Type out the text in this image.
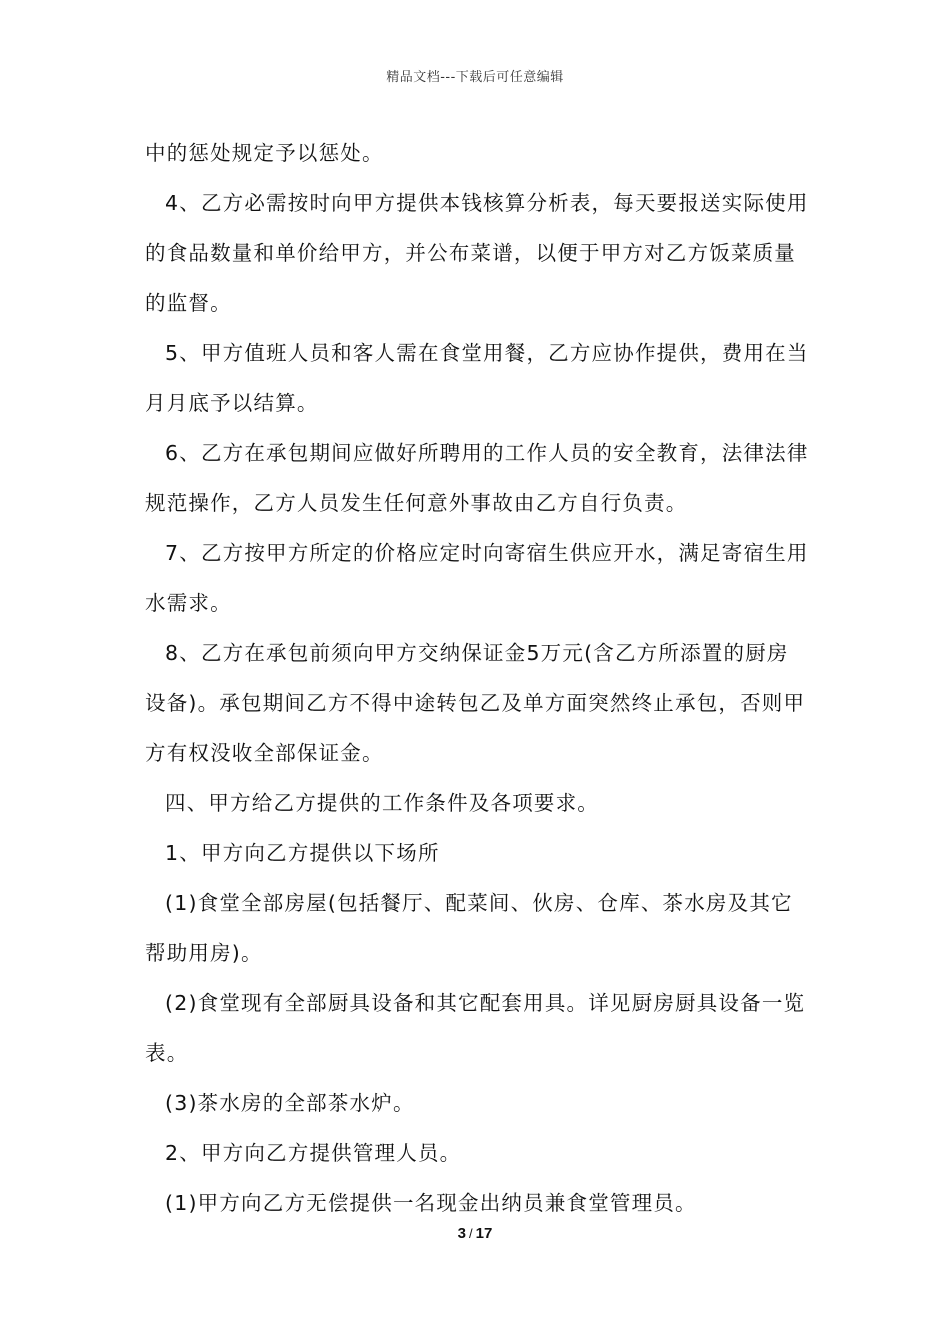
精品文档---下载后可任意编辑

中的惩处规定予以惩处。

4、乙方必需按时向甲方提供本钱核算分析表，每天要报送实际使用的食品数量和单价给甲方，并公布菜谱，以便于甲方对乙方饭菜质量的监督。

5、甲方值班人员和客人需在食堂用餐，乙方应协作提供，费用在当月月底予以结算。

6、乙方在承包期间应做好所聘用的工作人员的安全教育，法律法律规范操作，乙方人员发生任何意外事故由乙方自行负责。

7、乙方按甲方所定的价格应定时向寄宿生供应开水，满足寄宿生用水需求。

8、乙方在承包前须向甲方交纳保证金5万元(含乙方所添置的厨房设备)。承包期间乙方不得中途转包乙及单方面突然终止承包，否则甲方有权没收全部保证金。

四、甲方给乙方提供的工作条件及各项要求。

1、甲方向乙方提供以下场所

(1)食堂全部房屋(包括餐厅、配菜间、伙房、仓库、茶水房及其它帮助用房)。

(2)食堂现有全部厨具设备和其它配套用具。详见厨房厨具设备一览表。

(3)茶水房的全部茶水炉。

2、甲方向乙方提供管理人员。

(1)甲方向乙方无偿提供一名现金出纳员兼食堂管理员。

3 / 17
